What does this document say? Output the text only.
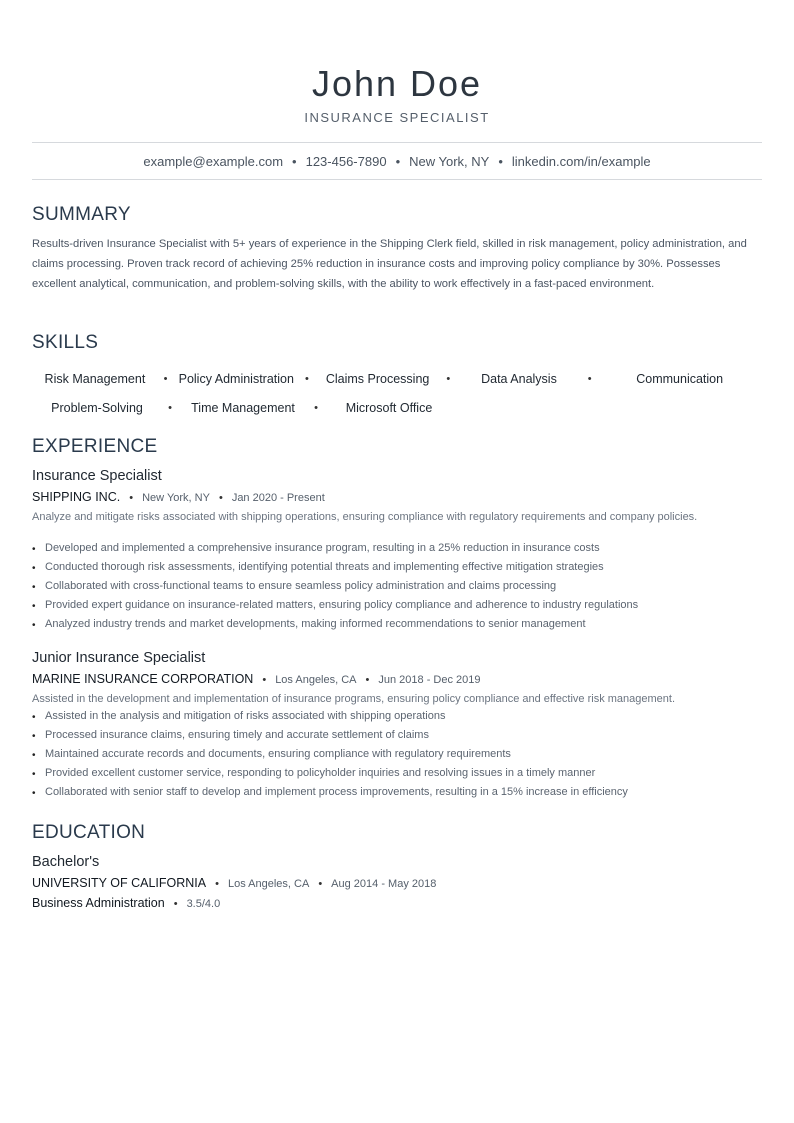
John Doe
INSURANCE SPECIALIST
example@example.com • 123-456-7890 • New York, NY • linkedin.com/in/example
SUMMARY
Results-driven Insurance Specialist with 5+ years of experience in the Shipping Clerk field, skilled in risk management, policy administration, and claims processing. Proven track record of achieving 25% reduction in insurance costs and improving policy compliance by 30%. Possesses excellent analytical, communication, and problem-solving skills, with the ability to work effectively in a fast-paced environment.
SKILLS
Risk Management	• Policy Administration	•	Claims Processing	•	Data Analysis	•	Communication
Problem-Solving	•	Time Management	•	Microsoft Office
EXPERIENCE
Insurance Specialist
SHIPPING INC. • New York, NY • Jan 2020 - Present
Analyze and mitigate risks associated with shipping operations, ensuring compliance with regulatory requirements and company policies.
• Developed and implemented a comprehensive insurance program, resulting in a 25% reduction in insurance costs
• Conducted thorough risk assessments, identifying potential threats and implementing effective mitigation strategies
• Collaborated with cross-functional teams to ensure seamless policy administration and claims processing
• Provided expert guidance on insurance-related matters, ensuring policy compliance and adherence to industry regulations
• Analyzed industry trends and market developments, making informed recommendations to senior management
Junior Insurance Specialist
MARINE INSURANCE CORPORATION • Los Angeles, CA • Jun 2018 - Dec 2019
Assisted in the development and implementation of insurance programs, ensuring policy compliance and effective risk management.
• Assisted in the analysis and mitigation of risks associated with shipping operations
• Processed insurance claims, ensuring timely and accurate settlement of claims
• Maintained accurate records and documents, ensuring compliance with regulatory requirements
• Provided excellent customer service, responding to policyholder inquiries and resolving issues in a timely manner
• Collaborated with senior staff to develop and implement process improvements, resulting in a 15% increase in efficiency
EDUCATION
Bachelor's
UNIVERSITY OF CALIFORNIA • Los Angeles, CA • Aug 2014 - May 2018
Business Administration • 3.5/4.0
